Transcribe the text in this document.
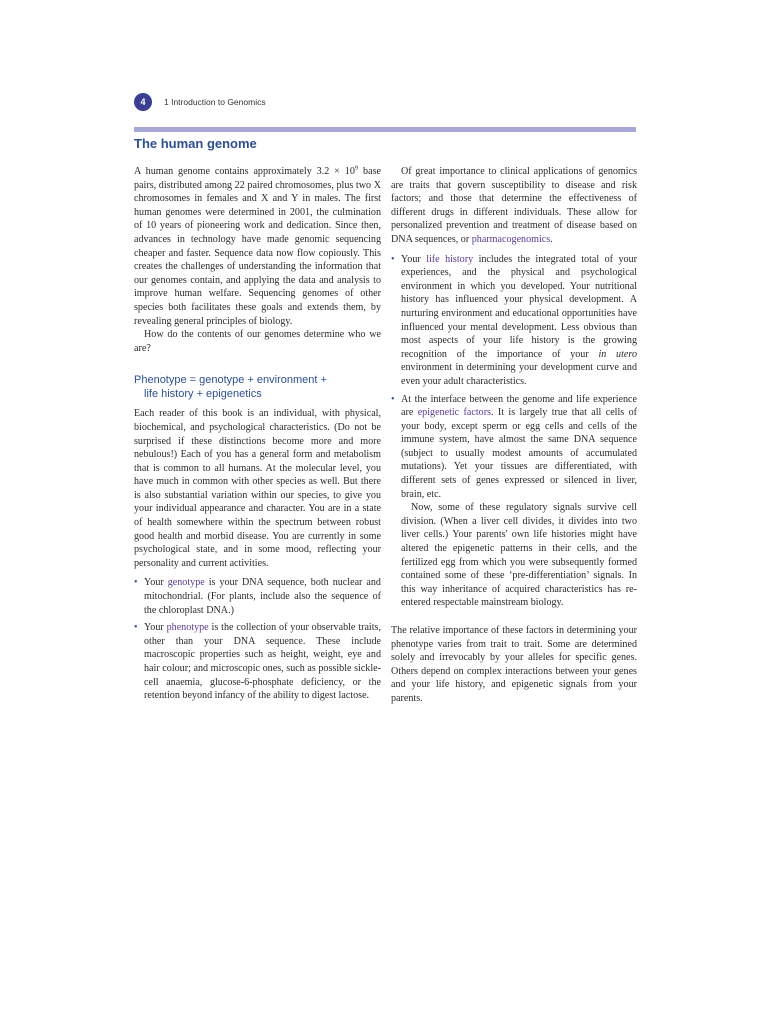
4	1 Introduction to Genomics
The human genome

A human genome contains approximately $3.2 \times 10^9$ base pairs, distributed among 22 paired chromosomes, plus two X chromosomes in females and X and Y in males. The first human genomes were determined in 2001, the culmination of 10 years of pioneering work and dedication. Since then, advances in technology have made genomic sequencing cheaper and faster. Sequence data now flow copiously. This creates the challenges of understanding the information that our genomes contain, and applying the data and analysis to improve human welfare. Sequencing genomes of other species both facilitates these goals and extends them, by revealing general principles of biology.

How do the contents of our genomes determine who we are?

Phenotype = genotype + environment +
life history + epigenetics

Each reader of this book is an individual, with physical, biochemical, and psychological characteristics. (Do not be surprised if these distinctions become more and more nebulous!) Each of you has a general form and metabolism that is common to all humans. At the molecular level, you have much in common with other species as well. But there is also substantial variation within our species, to give you your individual appearance and character. You are in a state of health somewhere within the spectrum between robust good health and morbid disease. You are currently in some psychological state, and in some mood, reflecting your personality and current activities.

• Your genotype is your DNA sequence, both nuclear and mitochondrial. (For plants, include also the sequence of the chloroplast DNA.)
• Your phenotype is the collection of your observable traits, other than your DNA sequence. These include macroscopic properties such as height, weight, eye and hair colour; and microscopic ones, such as possible sickle-cell anaemia, glucose-6-phosphate deficiency, or the retention beyond infancy of the ability to digest lactose.

Of great importance to clinical applications of genomics are traits that govern susceptibility to disease and risk factors; and those that determine the effectiveness of different drugs in different individuals. These allow for personalized prevention and treatment of disease based on DNA sequences, or pharmacogenomics.

• Your life history includes the integrated total of your experiences, and the physical and psychological environment in which you developed. Your nutritional history has influenced your physical development. A nurturing environment and educational opportunities have influenced your mental development. Less obvious than most aspects of your life history is the growing recognition of the importance of your in utero environment in determining your development curve and even your adult characteristics.
• At the interface between the genome and life experience are epigenetic factors. It is largely true that all cells of your body, except sperm or egg cells and cells of the immune system, have almost the same DNA sequence (subject to usually modest amounts of accumulated mutations). Yet your tissues are differentiated, with different sets of genes expressed or silenced in liver, brain, etc.

Now, some of these regulatory signals survive cell division. (When a liver cell divides, it divides into two liver cells.) Your parents' own life histories might have altered the epigenetic patterns in their cells, and the fertilized egg from which you were subsequently formed contained some of these ‘pre-differentiation’ signals. In this way inheritance of acquired characteristics has re-entered respectable mainstream biology.

The relative importance of these factors in determining your phenotype varies from trait to trait. Some are determined solely and irrevocably by your alleles for specific genes. Others depend on complex interactions between your genes and your life history, and epigenetic signals from your parents.
